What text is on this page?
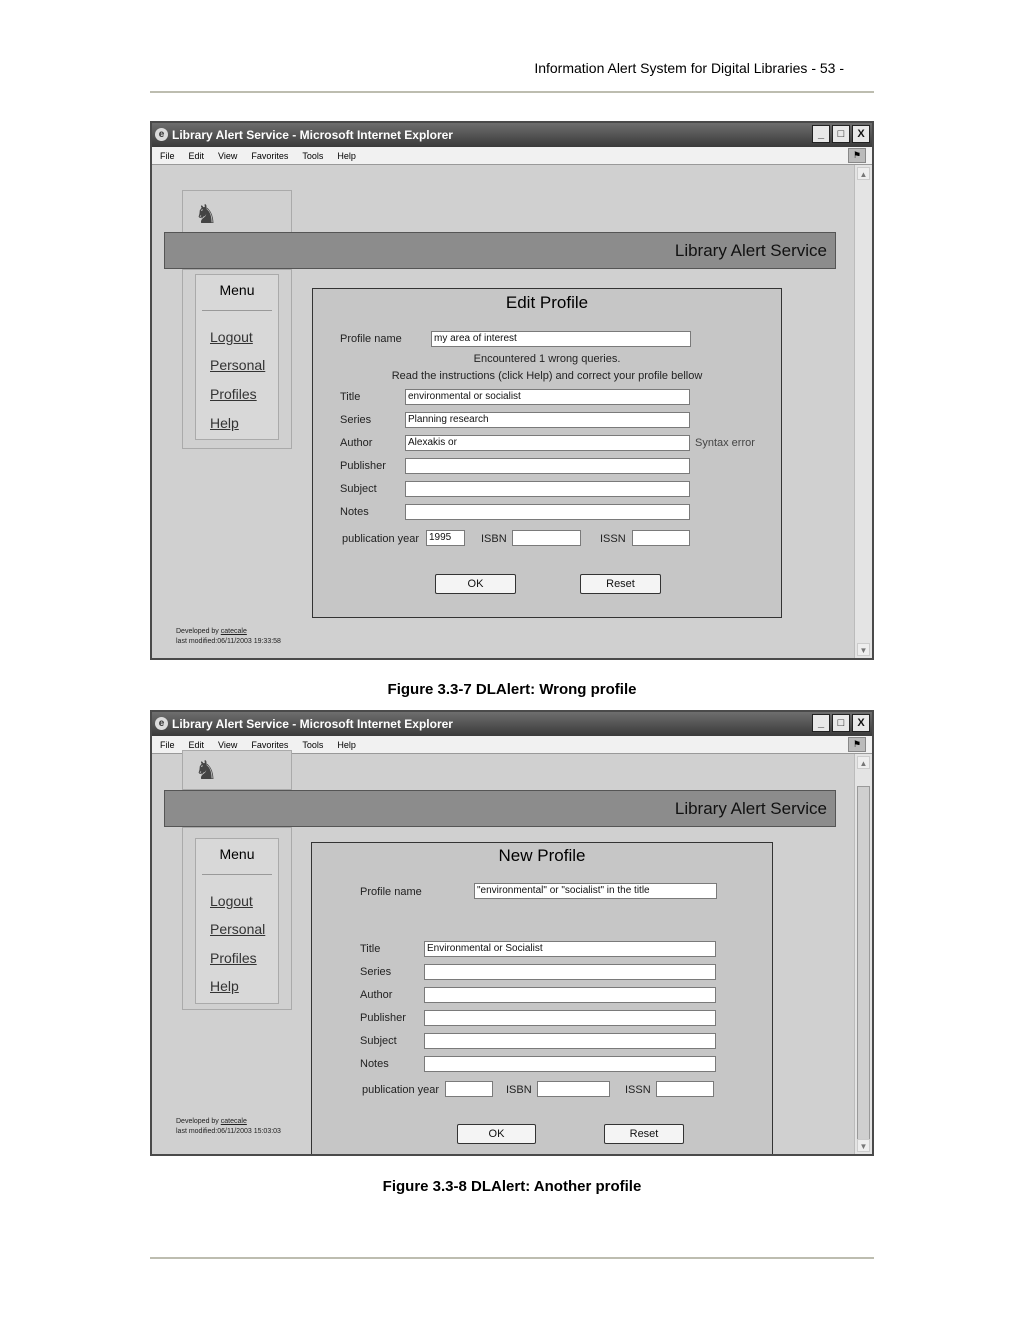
Information Alert System for Digital Libraries - 53 -
e Library Alert Service - Microsoft Internet Explorer	_	□	X
File Edit View Favorites Tools Help	⚑
♞
Library Alert Service
Menu
Logout
Personal
Profiles
Help
Developed by catecale
last modified:06/11/2003 19:33:58
Edit Profile
Profile name	my area of interest
Encountered 1 wrong queries.
Read the instructions (click Help) and correct your profile bellow
Title	environmental or socialist
Series	Planning research
Author	Alexakis or	Syntax error
Publisher
Subject
Notes
publication year 1995	ISBN	ISSN
OK	Reset
▲
▼
Figure 3.3-7 DLAlert: Wrong profile
e Library Alert Service - Microsoft Internet Explorer	_	□	X
File Edit View Favorites Tools Help	⚑
♞
Library Alert Service
Menu
Logout
Personal
Profiles
Help
Developed by catecale
last modified:06/11/2003 15:03:03
New Profile
Profile name	"environmental" or "socialist" in the title
Title	Environmental or Socialist
Series
Author
Publisher
Subject
Notes
publication year	ISBN	ISSN
OK	Reset
▲
▼
Figure 3.3-8 DLAlert: Another profile
